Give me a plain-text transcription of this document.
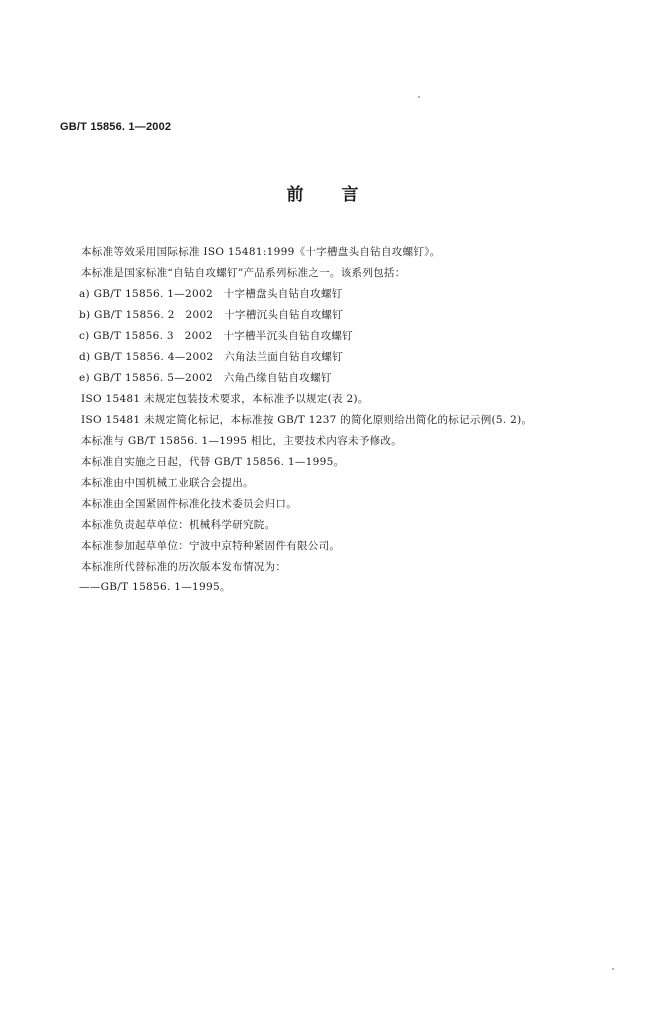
GB/T 15856. 1—2002
前言
本标准等效采用国际标准 ISO 15481:1999《十字槽盘头自钻自攻螺钉》。
本标准是国家标准“自钻自攻螺钉”产品系列标准之一。该系列包括：
a) GB/T 15856. 1—2002　十字槽盘头自钻自攻螺钉
b) GB/T 15856. 2　2002　十字槽沉头自钻自攻螺钉
c) GB/T 15856. 3　2002　十字槽半沉头自钻自攻螺钉
d) GB/T 15856. 4—2002　六角法兰面自钻自攻螺钉
e) GB/T 15856. 5—2002　六角凸缘自钻自攻螺钉
ISO 15481 未规定包装技术要求，本标准予以规定(表 2)。
ISO 15481 未规定简化标记，本标准按 GB/T 1237 的简化原则给出简化的标记示例(5. 2)。
本标准与 GB/T 15856. 1—1995 相比，主要技术内容未予修改。
本标准自实施之日起，代替 GB/T 15856. 1—1995。
本标准由中国机械工业联合会提出。
本标准由全国紧固件标准化技术委员会归口。
本标准负责起草单位：机械科学研究院。
本标准参加起草单位：宁波中京特种紧固件有限公司。
本标准所代替标准的历次版本发布情况为：
——GB/T 15856. 1—1995。
